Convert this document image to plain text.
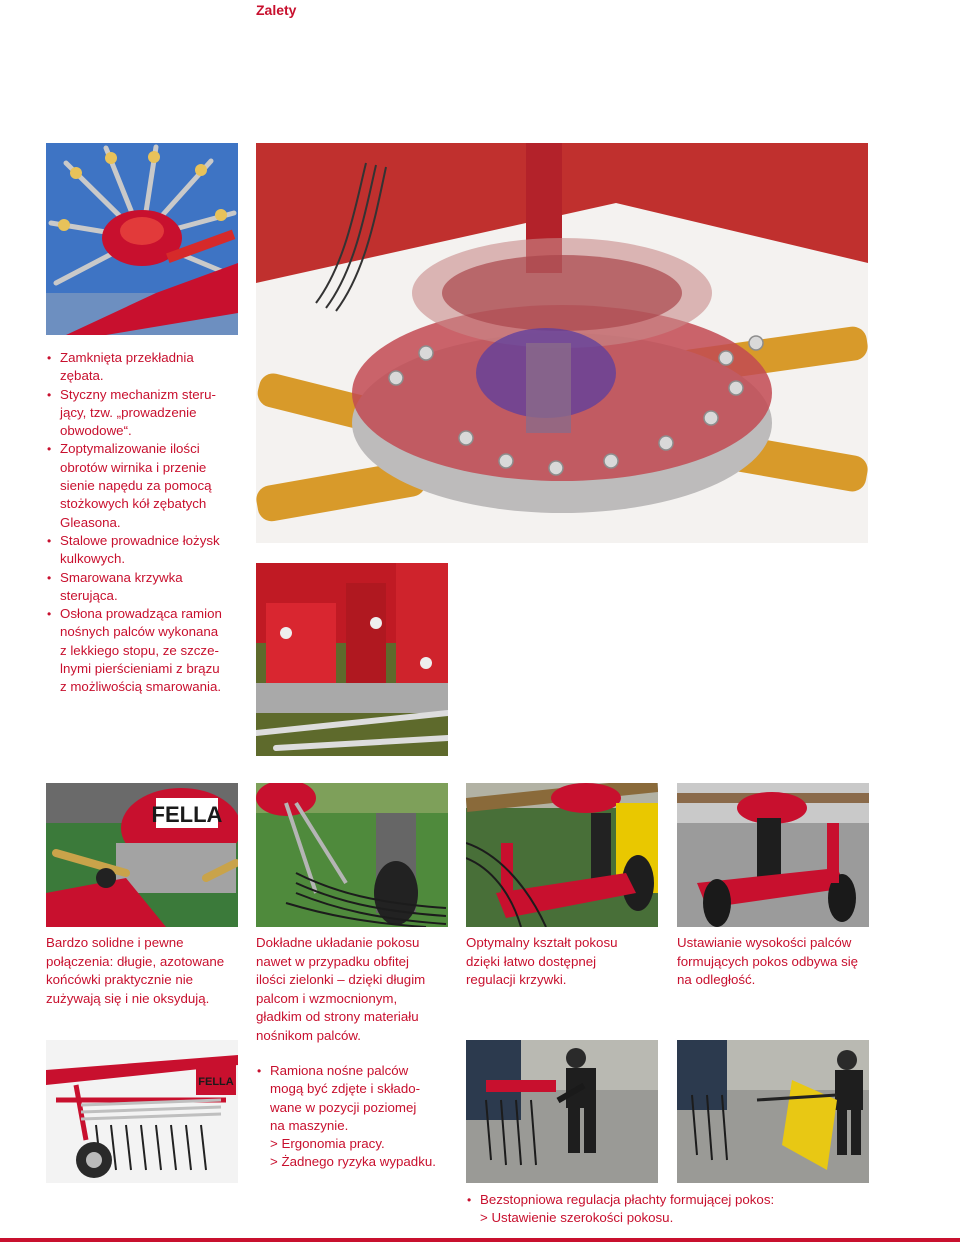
Zalety
• Zamknięta przekładnia
zębata.
• Styczny mechanizm steru-
jący, tzw. „prowadzenie
obwodowe“.
• Zoptymalizowanie ilości
obrotów wirnika i przenie
sienie napędu za pomocą
stożkowych kół zębatych
Gleasona.
• Stalowe prowadnice łożysk
kulkowych.
• Smarowana krzywka
sterująca.
• Osłona prowadząca ramion
nośnych palców wykonana
z lekkiego stopu, ze szcze-
lnymi pierścieniami z brązu
z możliwością smarowania.
FELLA

Bardzo solidne i pewne
połączenia: długie, azotowane
końcówki praktycznie nie
zużywają się i nie oksydują.

Dokładne układanie pokosu
nawet w przypadku obfitej
ilości zielonki – dzięki długim
palcom i wzmocnionym,
gładkim od strony materiału
nośnikom palców.

Optymalny kształt pokosu
dzięki łatwo dostępnej
regulacji krzywki.

Ustawianie wysokości palców
formujących pokos odbywa się
na odległość.

FELLA
• Ramiona nośne palców
mogą być zdjęte i składo-
wane w pozycji poziomej
na maszynie.
> Ergonomia pracy.
> Żadnego ryzyka wypadku.
• Bezstopniowa regulacja płachty formującej pokos:
> Ustawienie szerokości pokosu.
